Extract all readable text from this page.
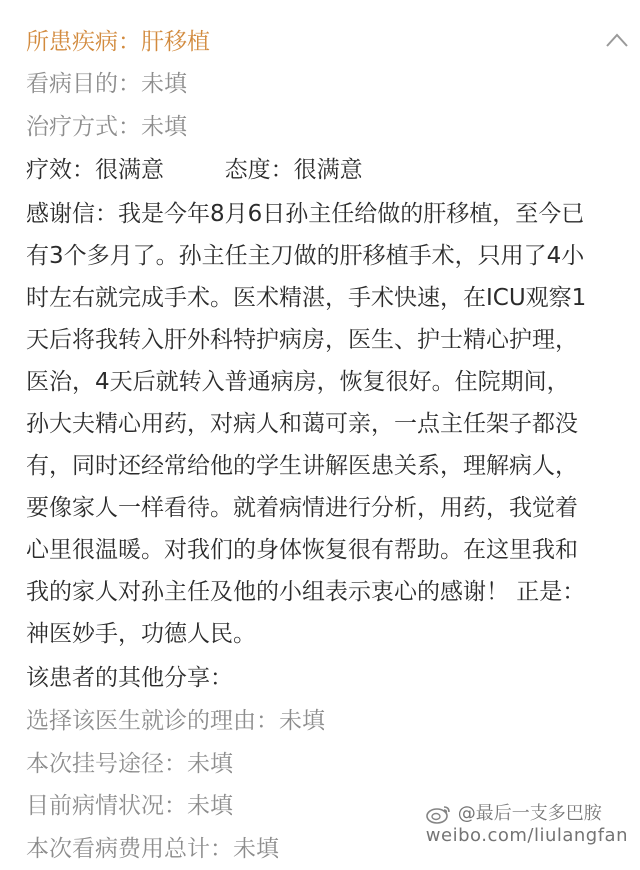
所患疾病：肝移植
看病目的：未填
治疗方式：未填
疗效：很满意	态度：很满意
感谢信：我是今年8月6日孙主任给做的肝移植，至今已
有3个多月了。孙主任主刀做的肝移植手术，只用了4小
时左右就完成手术。医术精湛，手术快速，在ICU观察1
天后将我转入肝外科特护病房，医生、护士精心护理，
医治，4天后就转入普通病房，恢复很好。住院期间，
孙大夫精心用药，对病人和蔼可亲，一点主任架子都没
有，同时还经常给他的学生讲解医患关系，理解病人，
要像家人一样看待。就着病情进行分析，用药，我觉着
心里很温暖。对我们的身体恢复很有帮助。在这里我和
我的家人对孙主任及他的小组表示衷心的感谢！ 正是：
神医妙手，功德人民。
该患者的其他分享：
选择该医生就诊的理由：未填
本次挂号途径：未填
目前病情状况：未填
本次看病费用总计：未填
@最后一支多巴胺
weibo.com/liulangfan
